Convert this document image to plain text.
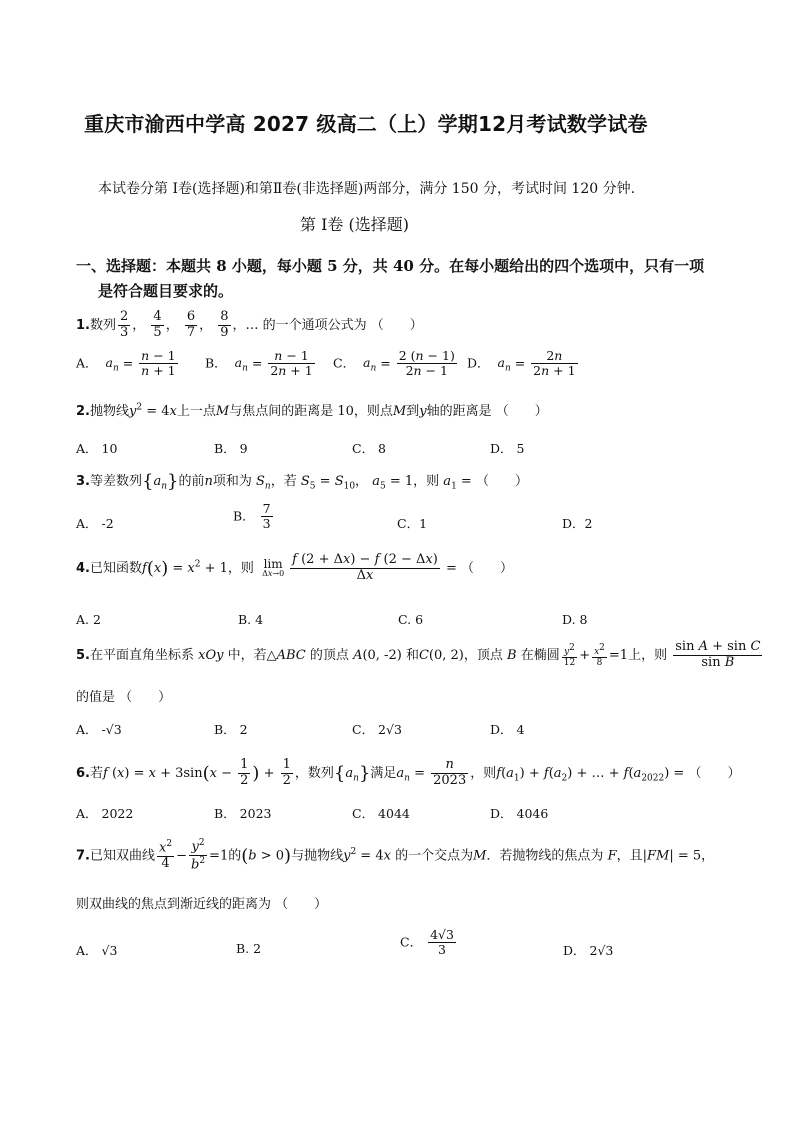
重庆市渝西中学高 2027 级高二（上）学期12月考试数学试卷
本试卷分第 Ⅰ卷(选择题)和第Ⅱ卷(非选择题)两部分，满分 150 分，考试时间 120 分钟.
第 Ⅰ卷 (选择题)
一、选择题：本题共 8 小题，每小题 5 分，共 40 分。在每小题给出的四个选项中，只有一项
是符合题目要求的。
1.数列 $\frac{2}{3}$ ， $\frac{4}{5}$ ， $\frac{6}{7}$ ， $\frac{8}{9}$ ，… 的一个通项公式为 （　　）
A． $a_n = \frac{n - 1}{n + 1}$ B． $a_n = \frac{n - 1}{2n + 1}$ C． $a_n = \frac{2 (n - 1)}{2n - 1}$ D． $a_n = \frac{2n}{2n + 1}$
2.抛物线$y^2 = 4x$上一点M与焦点间的距离是 10，则点M到y轴的距离是 （　　）
A． 10	B． 9	C． 8	D． 5
3.等差数列$\{a_n\}$的前n项和为 $S_n$，若 $S_5 = S_{10}$， $a_5 = 1$，则 $a_1$ = （　　）
A． -2
B． $\frac{7}{3}$	C．1	D．2
4.已知函数$f(x) = x^2 + 1$，则 lim
$\Delta x\to 0 \frac{f (2 + \Delta x) - f (2 - \Delta x)}{\Delta x}$ = （　　）
A. 2	B. 4	C. 6	D. 8
5.在平面直角坐标系 xOy 中，若△ABC 的顶点 A(0, -2) 和C(0, 2)，顶点 B 在椭圆 $\frac{y^2}{12} + \frac{x^2}{8} =1$上，则 $\frac{\text{sin A + sin C}}{\text{sin B}}$
的值是 （　　）
A． -√3	B． 2	C． 2√3	D． 4
6.若f $(x) = x + 3\sin(x - \frac{1}{2}$ ) + $\frac{1}{2}$ ，数列$\{a_n\}$满足$a_n = \frac{n}{2023}$ ，则$f(a_1) + f(a_2)$ + … + $f(a_{2022})$ = （　　）
A． 2022	B． 2023	C． 4044	D． 4046
7.已知双曲线 $\frac{x^2}{4} - \frac{y^2}{b^2} =1$的(b > 0)与抛物线$y^2 = 4x$ 的一个交点为M．若抛物线的焦点为 F，且|FM| = 5，
则双曲线的焦点到渐近线的距离为 （　　）
A． √3	B. 2	C． $\frac{4√3}{3}$	D． 2√3
